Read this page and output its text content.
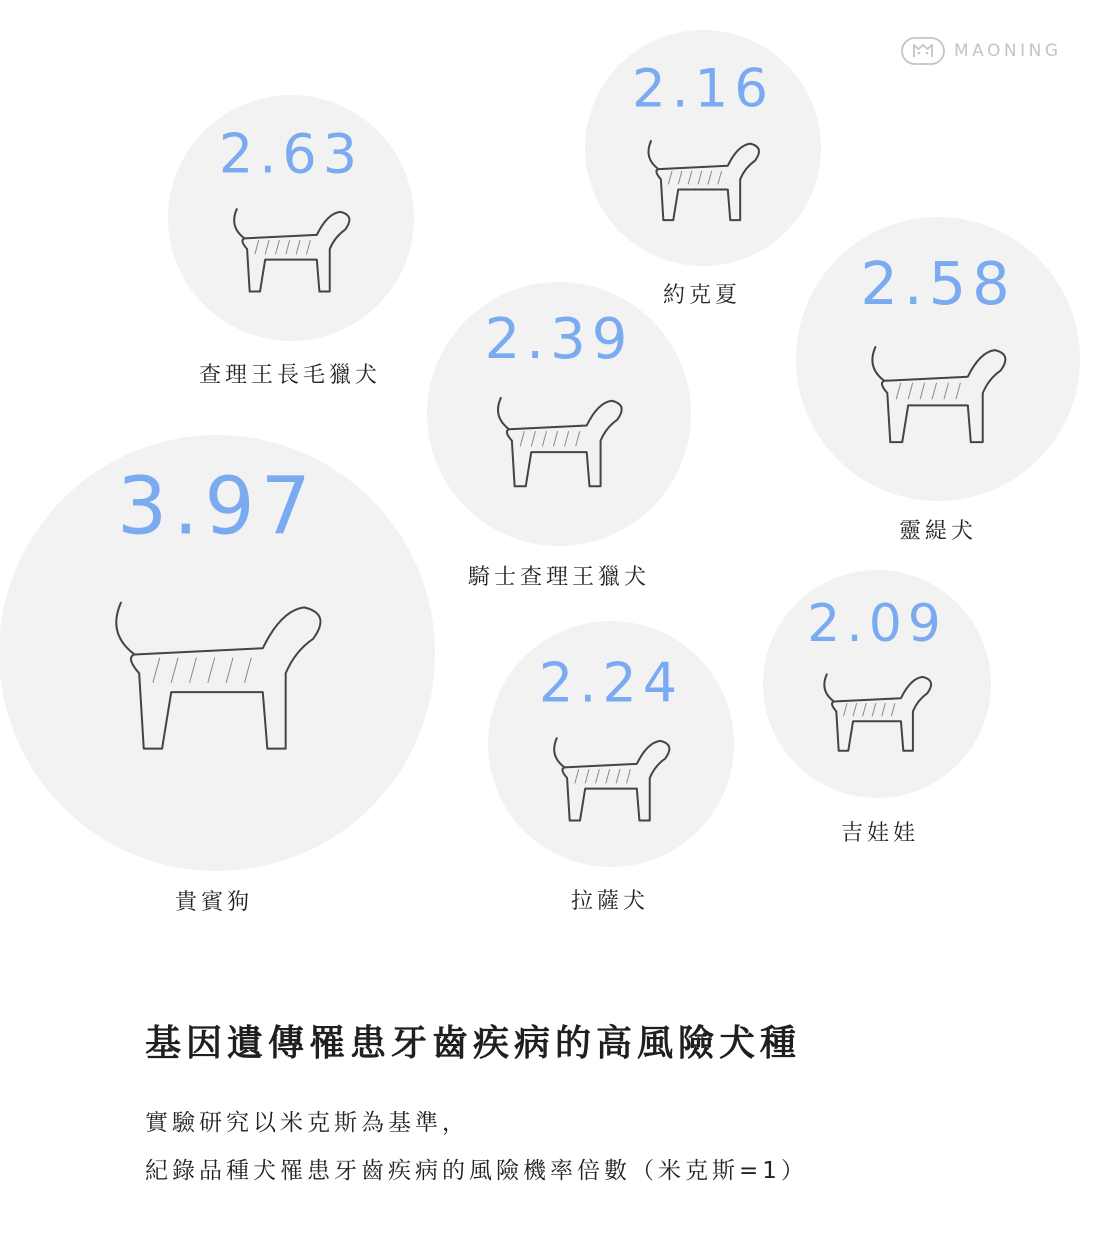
3.97
貴賓狗
2.63
查理王長毛獵犬
2.58
靈緹犬
2.39
騎士查理王獵犬
2.24
拉薩犬
2.16
約克夏
2.09
吉娃娃
MAONING
基因遺傳罹患牙齒疾病的高風險犬種

實驗研究以米克斯為基準，

紀錄品種犬罹患牙齒疾病的風險機率倍數（米克斯=1）
